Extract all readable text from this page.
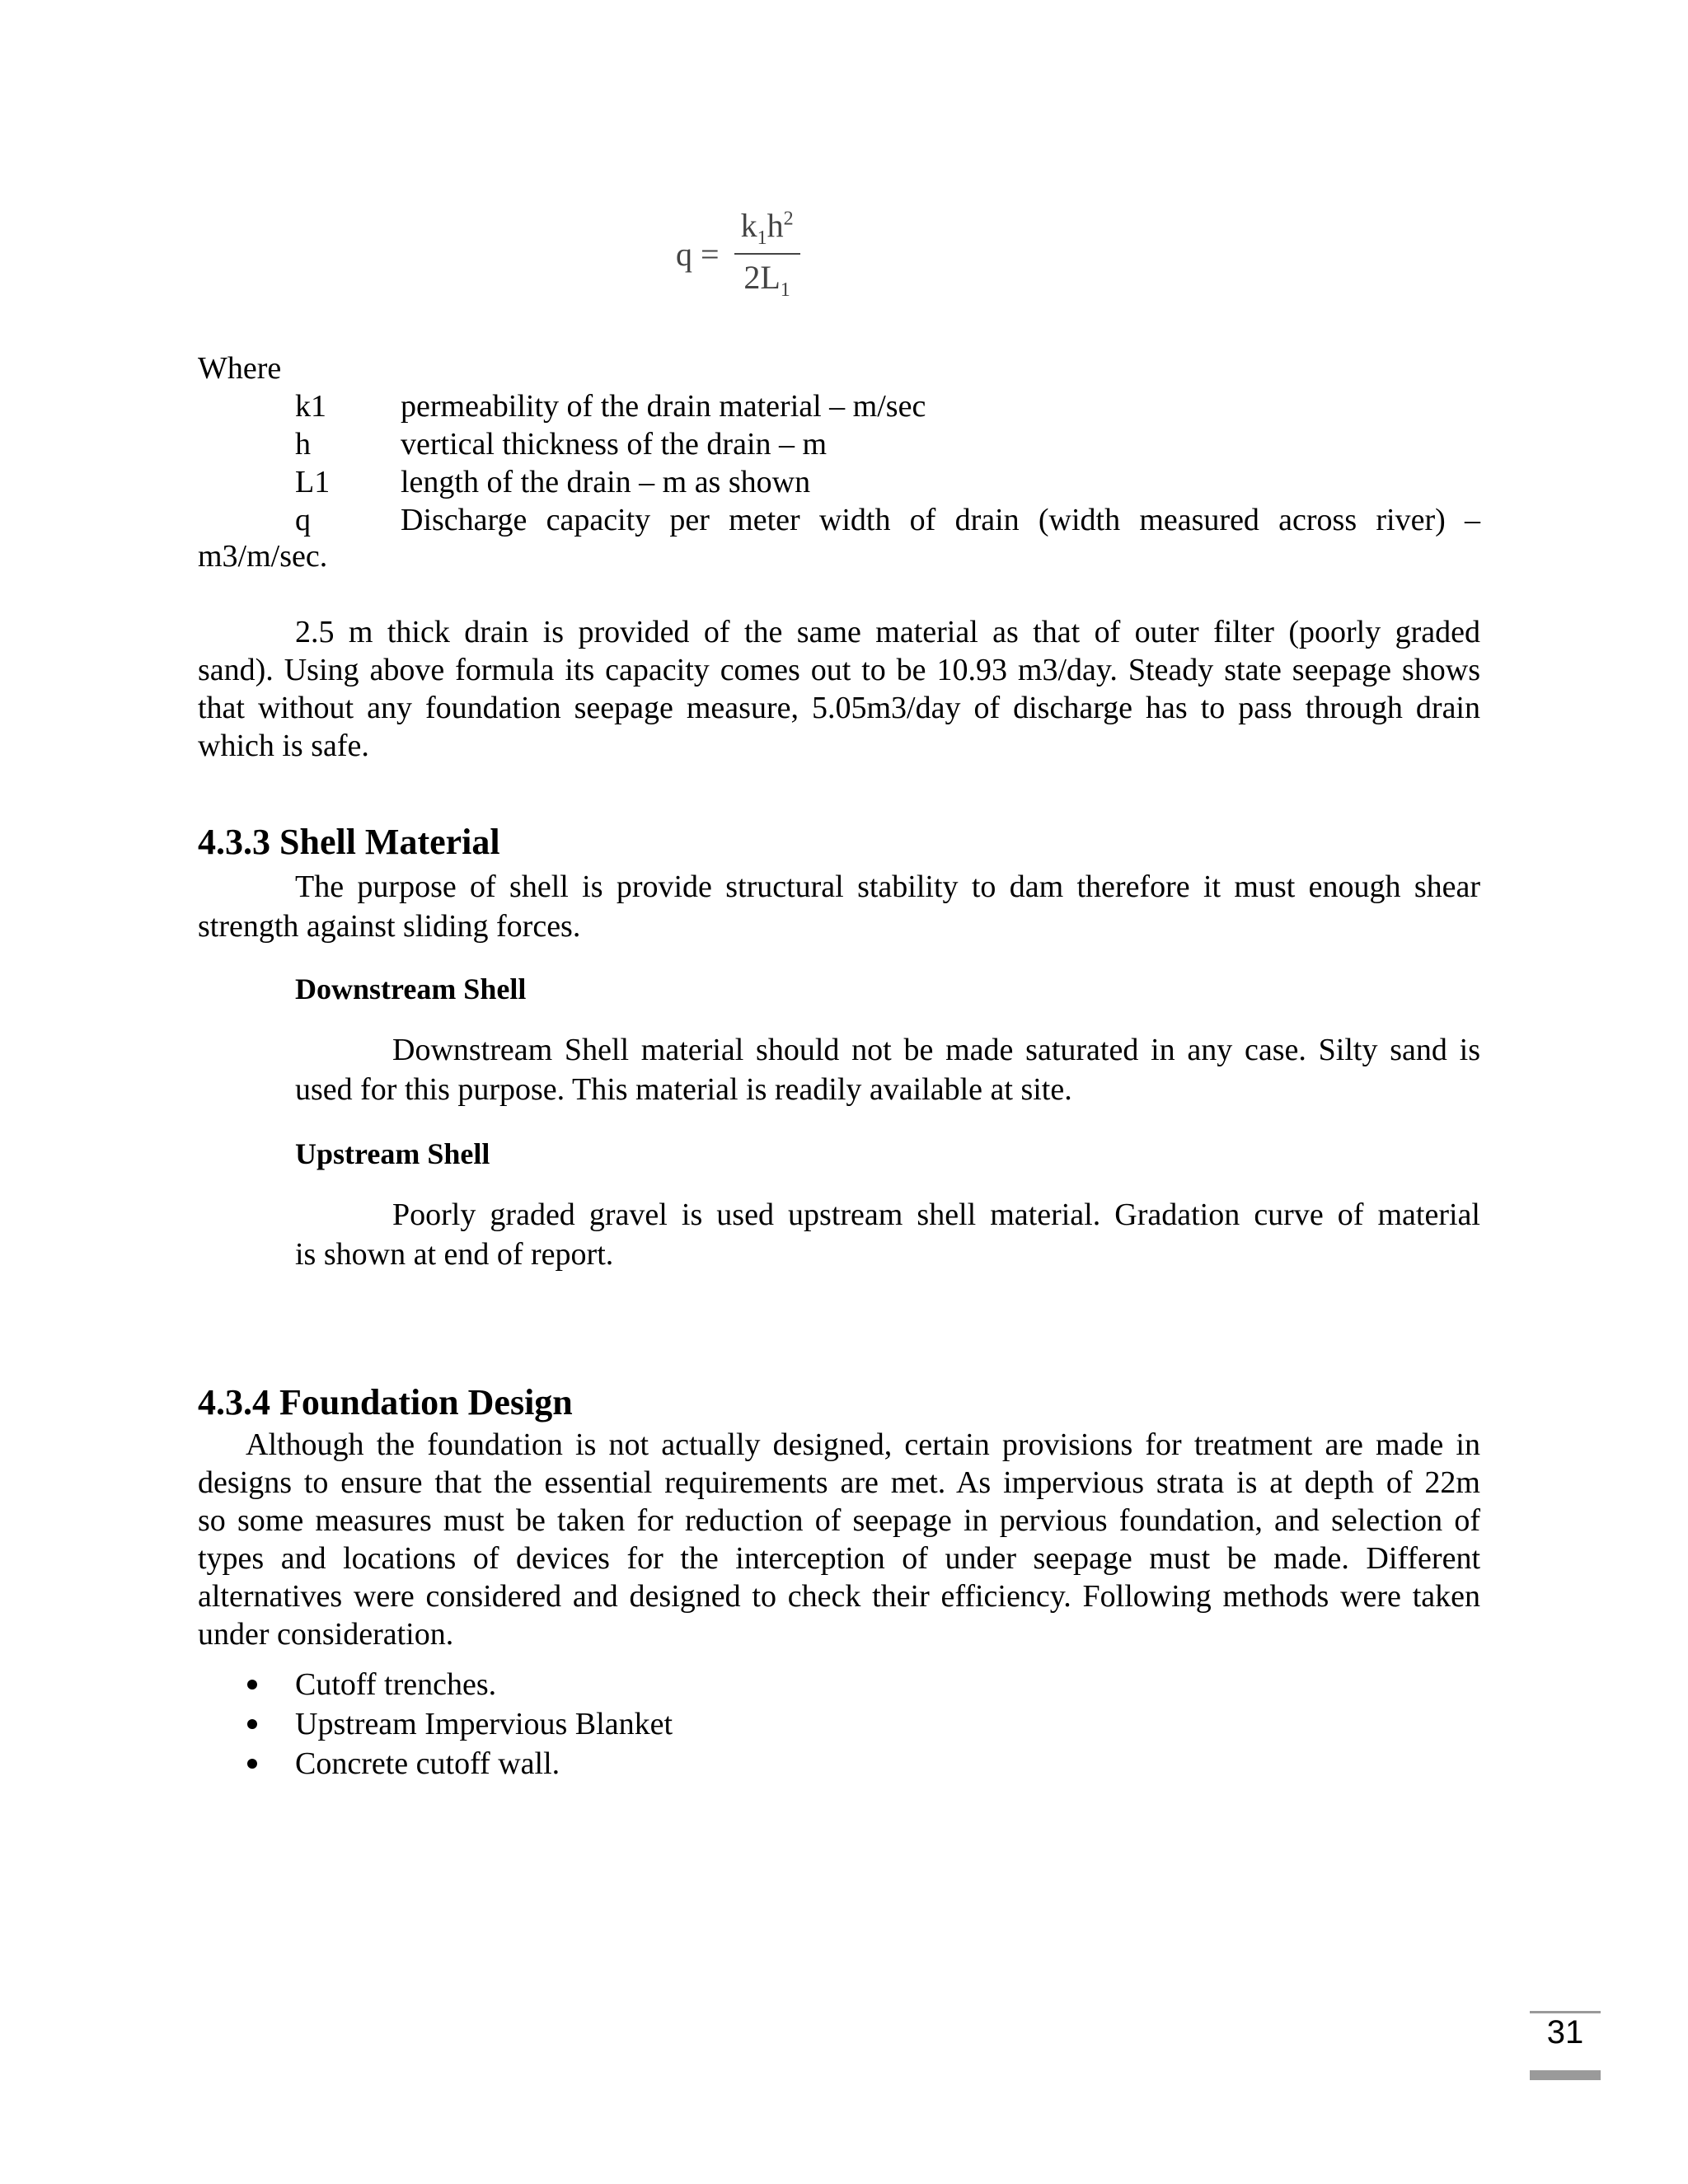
$q = \frac{k_1h^2}{2L_1}$
Where
k1 permeability of the drain material – m/sec
h	vertical thickness of the drain – m
L1 length of the drain – m as shown
q	Discharge capacity per meter width of drain (width measured across river) –
m3/m/sec.

2.5 m thick drain is provided of the same material as that of outer filter (poorly graded

sand). Using above formula its capacity comes out to be 10.93 m3/day. Steady state seepage shows

that without any foundation seepage measure, 5.05m3/day of discharge has to pass through drain

which is safe.

4.3.3 Shell Material

The purpose of shell is provide structural stability to dam therefore it must enough shear

strength against sliding forces.

Downstream Shell

Downstream Shell material should not be made saturated in any case. Silty sand is

used for this purpose. This material is readily available at site.

Upstream Shell

Poorly graded gravel is used upstream shell material. Gradation curve of material

is shown at end of report.

4.3.4 Foundation Design

Although the foundation is not actually designed, certain provisions for treatment are made in

designs to ensure that the essential requirements are met. As impervious strata is at depth of 22m

so some measures must be taken for reduction of seepage in pervious foundation, and selection of

types and locations of devices for the interception of under seepage must be made. Different

alternatives were considered and designed to check their efficiency. Following methods were taken

under consideration.

Cutoff trenches.
Upstream Impervious Blanket
Concrete cutoff wall.
31
